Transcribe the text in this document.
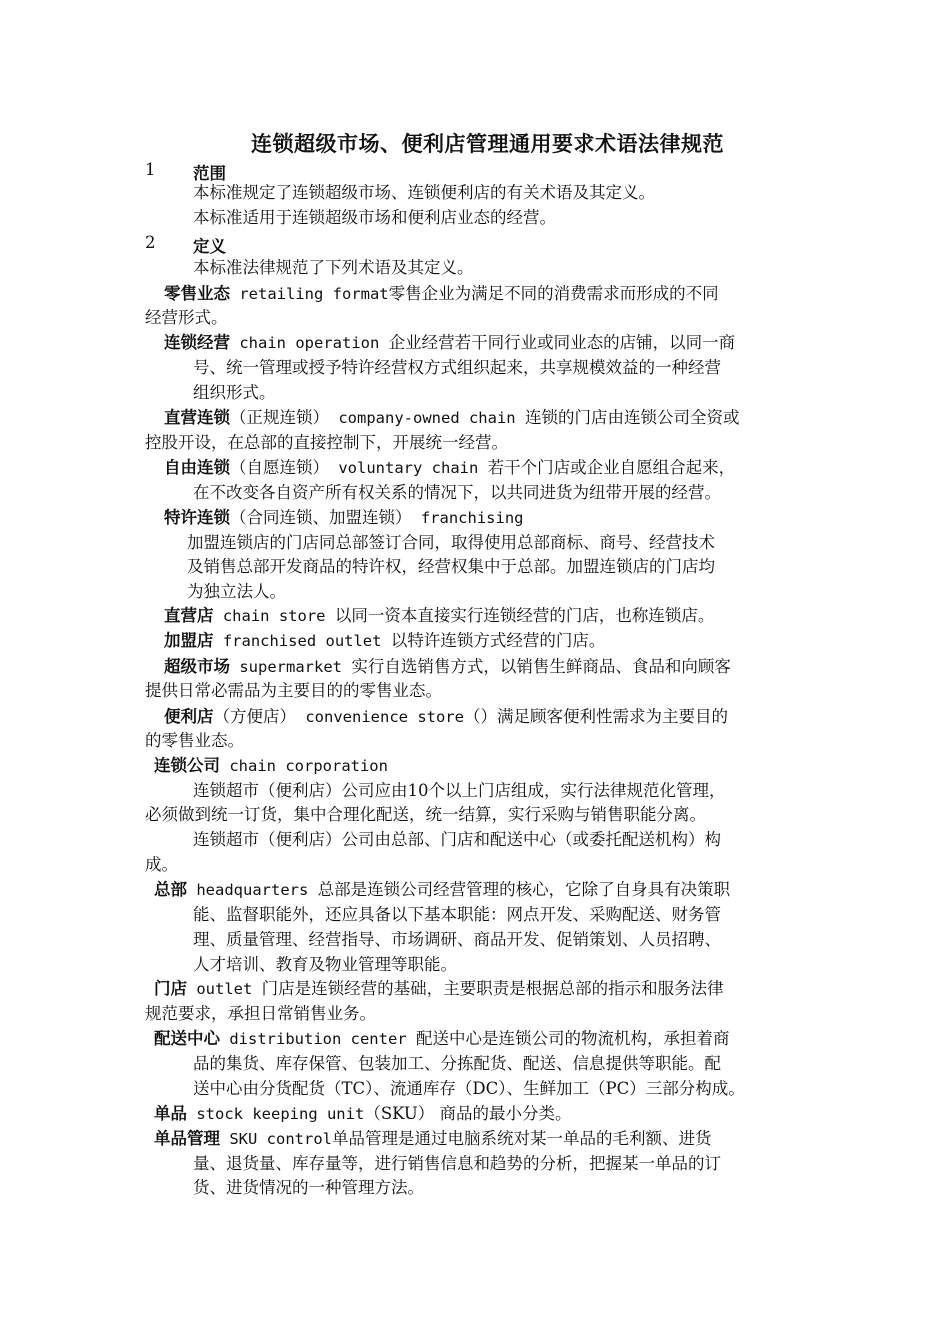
连锁超级市场、便利店管理通用要求术语法律规范
1 范围
本标准规定了连锁超级市场、连锁便利店的有关术语及其定义。
本标准适用于连锁超级市场和便利店业态的经营。
2 定义
本标准法律规范了下列术语及其定义。
零售业态 retailing format零售企业为满足不同的消费需求而形成的不同
经营形式。
连锁经营 chain operation 企业经营若干同行业或同业态的店铺，以同一商
号、统一管理或授予特许经营权方式组织起来，共享规模效益的一种经营
组织形式。
直营连锁（正规连锁） company-owned chain 连锁的门店由连锁公司全资或
控股开设，在总部的直接控制下，开展统一经营。
自由连锁（自愿连锁） voluntary chain 若干个门店或企业自愿组合起来，
在不改变各自资产所有权关系的情况下，以共同进货为纽带开展的经营。
特许连锁（合同连锁、加盟连锁） franchising
加盟连锁店的门店同总部签订合同，取得使用总部商标、商号、经营技术
及销售总部开发商品的特许权，经营权集中于总部。加盟连锁店的门店均
为独立法人。
直营店 chain store 以同一资本直接实行连锁经营的门店，也称连锁店。
加盟店 franchised outlet 以特许连锁方式经营的门店。
超级市场 supermarket 实行自选销售方式，以销售生鲜商品、食品和向顾客
提供日常必需品为主要目的的零售业态。
便利店（方便店） convenience store（）满足顾客便利性需求为主要目的
的零售业态。
连锁公司 chain corporation
连锁超市（便利店）公司应由10个以上门店组成，实行法律规范化管理，
必须做到统一订货，集中合理化配送，统一结算，实行采购与销售职能分离。
连锁超市（便利店）公司由总部、门店和配送中心（或委托配送机构）构
成。
总部 headquarters 总部是连锁公司经营管理的核心，它除了自身具有决策职
能、监督职能外，还应具备以下基本职能：网点开发、采购配送、财务管
理、质量管理、经营指导、市场调研、商品开发、促销策划、人员招聘、
人才培训、教育及物业管理等职能。
门店 outlet 门店是连锁经营的基础，主要职责是根据总部的指示和服务法律
规范要求，承担日常销售业务。
配送中心 distribution center 配送中心是连锁公司的物流机构，承担着商
品的集货、库存保管、包装加工、分拣配货、配送、信息提供等职能。配
送中心由分货配货（TC）、流通库存（DC）、生鲜加工（PC）三部分构成。
单品 stock keeping unit（SKU） 商品的最小分类。
单品管理 SKU control单品管理是通过电脑系统对某一单品的毛利额、进货
量、退货量、库存量等，进行销售信息和趋势的分析，把握某一单品的订
货、进货情况的一种管理方法。
